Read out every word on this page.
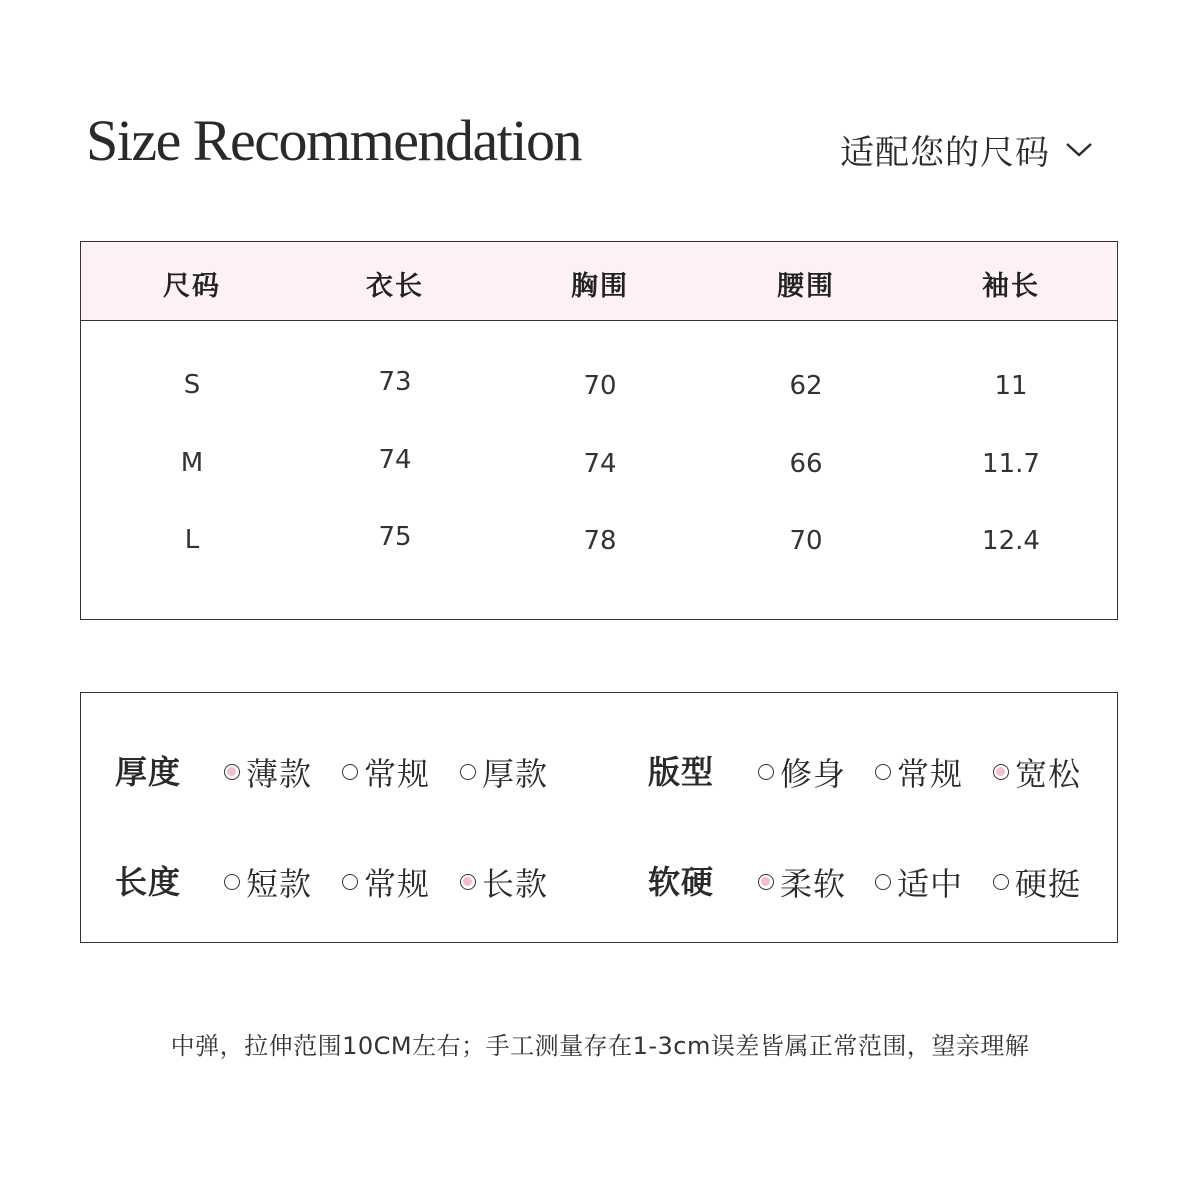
Size Recommendation	适配您的尺码
尺码	衣长	胸围	腰围	袖长
S	73	70	62	11
M	74	74	66	11.7
L	75	78	70	12.4
厚度 薄款 常规 厚款	版型 修身 常规 宽松
长度 短款 常规 长款	软硬 柔软 适中 硬挺
中弹，拉伸范围10CM左右；手工测量存在1-3cm误差皆属正常范围，望亲理解
